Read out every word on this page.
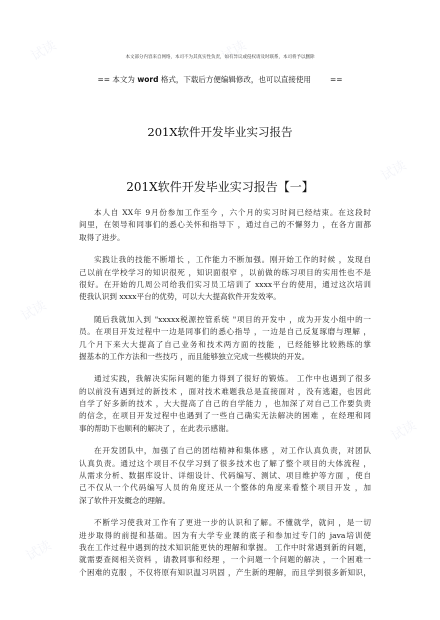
试读	试读
试读
试读
试读
试读
本文部分内容来自网络，本司不为其真实性负责，如有异议或侵权请及时联系，本司将予以删除
== 本文为 word 格式，下载后方便编辑修改，也可以直接使用        ==
201X软件开发毕业实习报告
201X软件开发毕业实习报告【一】
本人自 XX年 9月份参加工作至今 ，六个月的实习时间已经结束。在这段时
间里，在领导和同事们的悉心关怀和指导下 ，通过自己的不懈努力 ，在各方面都
取得了进步。
实践让我的技能不断增长 ，工作能力不断加强。刚开始工作的时候 ，发现自
己以前在学校学习的知识很死 ，知识面很窄 ，以前做的练习项目的实用性也不是
很好。在开始的几周公司给我们实习员工培训了 xxxx平台的使用，通过这次培训
使我认识到 xxxx平台的优势，可以大大提高软件开发效率。
随后我就加入到 "xxxxx税源控管系统 "项目的开发中 ，成为开发小组中的一
员。在项目开发过程中一边是同事们的悉心指导 ，一边是自己反复琢磨与理解 ，
几个月下来大大提高了自己业务和技术两方面的技能 ，已经能够比较熟练的掌
握基本的工作方法和一些技巧 ，而且能够独立完成一些模块的开发。
通过实践，我解决实际问题的能力得到了很好的锻炼。 工作中也遇到了很多
的以前没有遇到过的新技术 ，面对技术难题我总是直接面对 ，没有逃避，也因此
自学了好多新的技术 ，大大提高了自己的自学能力 ，也加深了对自己工作要负责
的信念，在项目开发过程中也遇到了一些自己确实无法解决的困难 ，在经理和同
事的帮助下也顺利的解决了 ，在此表示感谢。
在开发团队中，加强了自己的团结精神和集体感 ，对工作认真负责，对团队
认真负责。通过这个项目不仅学习到了很多技术也了解了整个项目的大体流程 ，
从需求分析、数据库设计、详细设计、代码编写、测试、项目维护等方面 ，使自
己不仅从一个代码编写人员的角度还从一个整体的角度来看整个项目开发 ，加
深了软件开发概念的理解。
不断学习使我对工作有了更进一步的认识和了解。不懂就学，就问 ，是一切
进步取得的前提和基础。因为有大学专业课的底子和参加过专门的 java培训使
我在工作过程中遇到的技术知识能更快的理解和掌握。 工作中时常遇到新的问题，
就需要查阅相关资料 ，请教同事和经理 ，一个问题一个问题的解决 ，一个困难一
个困难的克服 ，不仅将原有知识温习巩固 ，产生新的理解，而且学到很多新知识，
